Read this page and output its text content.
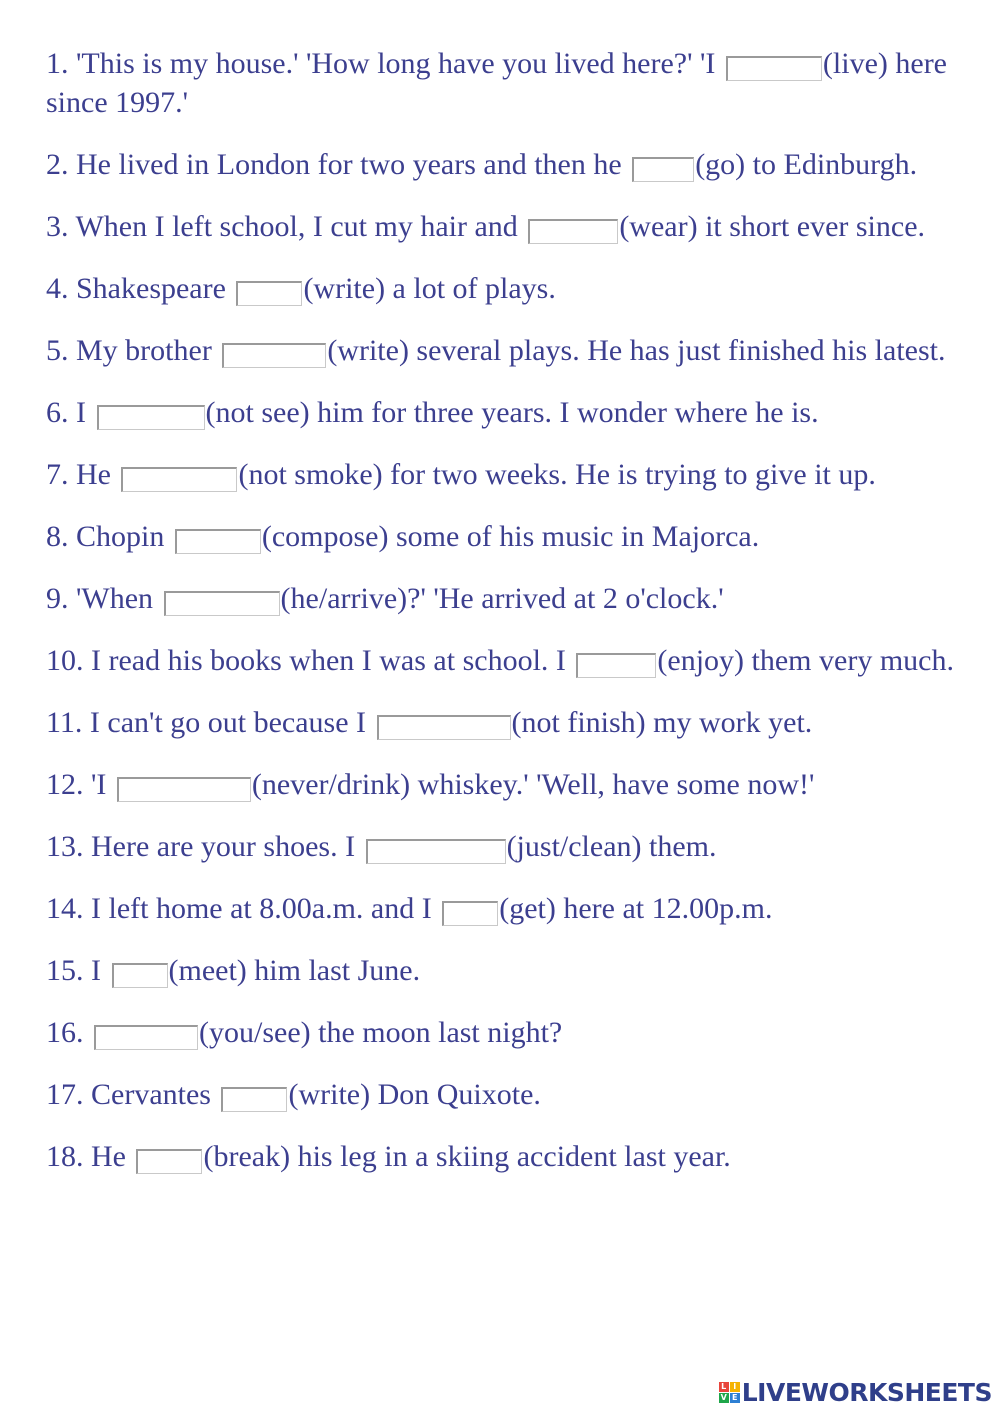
1. 'This is my house.' 'How long have you lived here?' 'I	(live) here since 1997.'

2. He lived in London for two years and then he (go) to Edinburgh.

3. When I left school, I cut my hair and	(wear) it short ever since.

4. Shakespeare (write) a lot of plays.

5. My brother	(write) several plays. He has just finished his latest.

6. I	(not see) him for three years. I wonder where he is.

7. He	(not smoke) for two weeks. He is trying to give it up.

8. Chopin	(compose) some of his music in Majorca.

9. 'When	(he/arrive)?' 'He arrived at 2 o'clock.'

10. I read his books when I was at school. I	(enjoy) them very much.

11. I can't go out because I	(not finish) my work yet.

12. 'I	(never/drink) whiskey.' 'Well, have some now!'

13. Here are your shoes. I	(just/clean) them.

14. I left home at 8.00a.m. and I (get) here at 12.00p.m.

15. I (meet) him last June.

16.	(you/see) the moon last night?

17. Cervantes (write) Don Quixote.

18. He (break) his leg in a skiing accident last year.

L I
V E LIVEWORKSHEETS
